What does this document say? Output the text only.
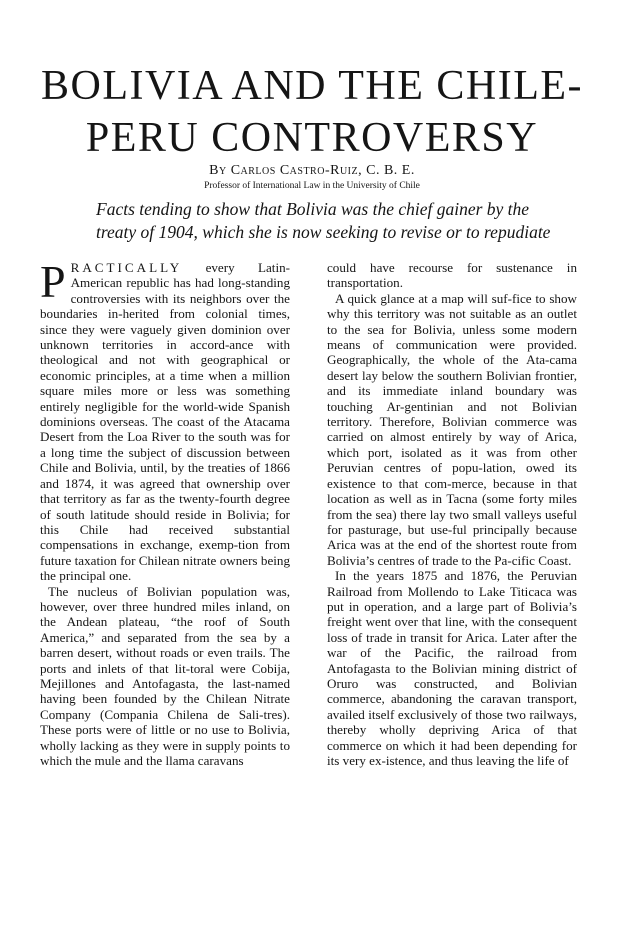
BOLIVIA AND THE CHILE-
PERU CONTROVERSY
By Carlos Castro-Ruiz, C. B. E.
Professor of International Law in the University of Chile
Facts tending to show that Bolivia was the chief gainer by the treaty of 1904, which she is now seeking to revise or to repudiate

PRACTICALLY every Latin-American republic has had long-standing controversies with its neighbors over the boundaries in-herited from colonial times, since they were vaguely given dominion over unknown territories in accord-ance with theological and not with geographical or economic principles, at a time when a million square miles more or less was something entirely negligible for the world-wide Spanish dominions overseas. The coast of the Atacama Desert from the Loa River to the south was for a long time the subject of discussion between Chile and Bolivia, until, by the treaties of 1866 and 1874, it was agreed that ownership over that territory as far as the twenty-fourth degree of south latitude should reside in Bolivia; for this Chile had received substantial compensations in exchange, exemp-tion from future taxation for Chilean nitrate owners being the principal one.

The nucleus of Bolivian population was, however, over three hundred miles inland, on the Andean plateau, “the roof of South America,” and separated from the sea by a barren desert, without roads or even trails. The ports and inlets of that lit-toral were Cobija, Mejillones and Antofagasta, the last-named having been founded by the Chilean Nitrate Company (Compania Chilena de Sali-tres). These ports were of little or no use to Bolivia, wholly lacking as they were in supply points to which the mule and the llama caravans

could have recourse for sustenance in transportation.

A quick glance at a map will suf-fice to show why this territory was not suitable as an outlet to the sea for Bolivia, unless some modern means of communication were provided. Geographically, the whole of the Ata-cama desert lay below the southern Bolivian frontier, and its immediate inland boundary was touching Ar-gentinian and not Bolivian territory. Therefore, Bolivian commerce was carried on almost entirely by way of Arica, which port, isolated as it was from other Peruvian centres of popu-lation, owed its existence to that com-merce, because in that location as well as in Tacna (some forty miles from the sea) there lay two small valleys useful for pasturage, but use-ful principally because Arica was at the end of the shortest route from Bolivia’s centres of trade to the Pa-cific Coast.

In the years 1875 and 1876, the Peruvian Railroad from Mollendo to Lake Titicaca was put in operation, and a large part of Bolivia’s freight went over that line, with the consequent loss of trade in transit for Arica. Later after the war of the Pacific, the railroad from Antofagasta to the Bolivian mining district of Oruro was constructed, and Bolivian commerce, abandoning the caravan transport, availed itself exclusively of those two railways, thereby wholly depriving Arica of that commerce on which it had been depending for its very ex-istence, and thus leaving the life of
